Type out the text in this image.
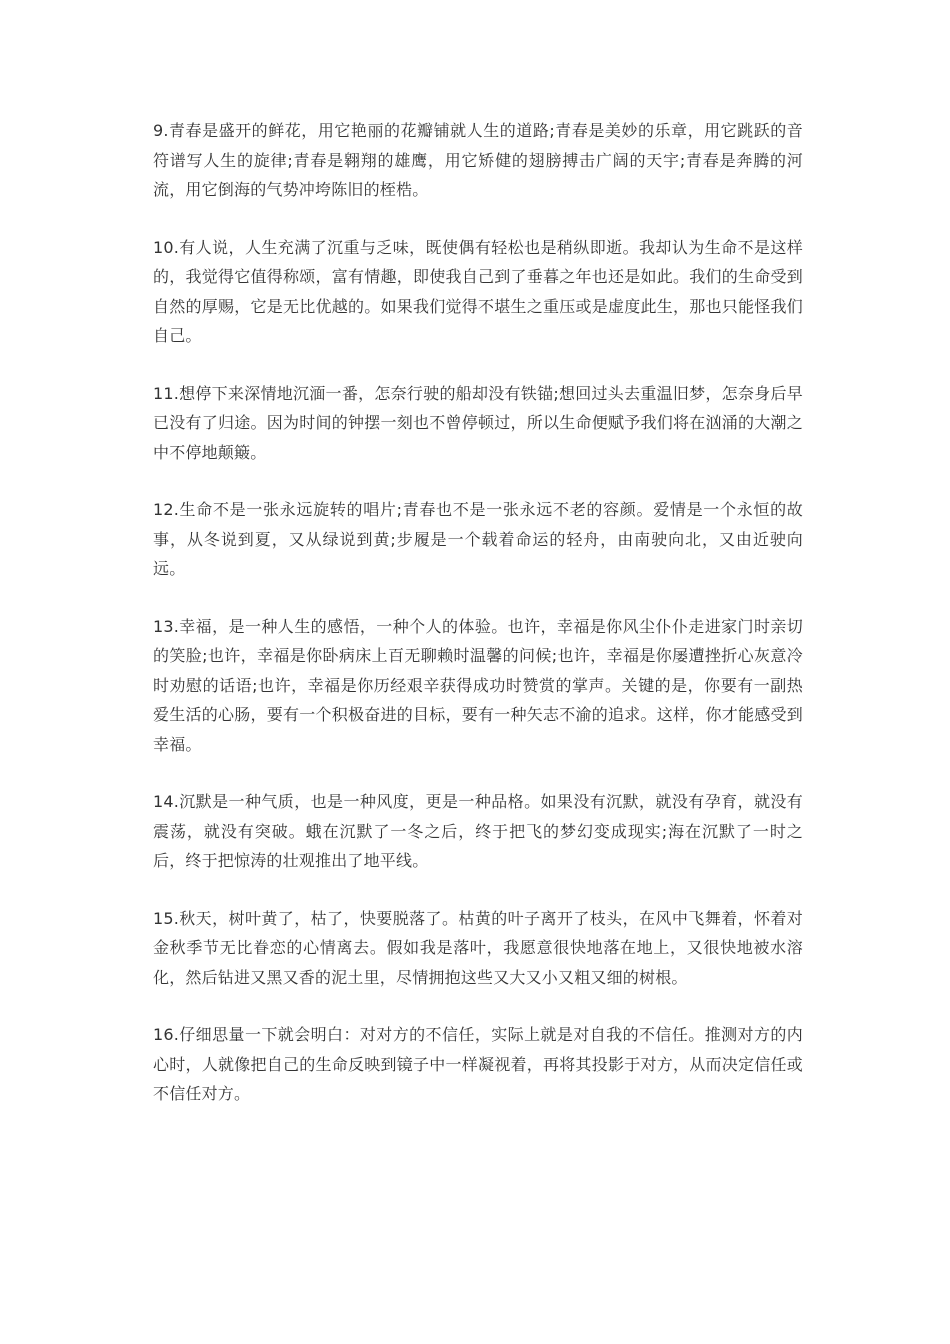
9.青春是盛开的鲜花，用它艳丽的花瓣铺就人生的道路;青春是美妙的乐章，用它跳跃的音符谱写人生的旋律;青春是翱翔的雄鹰，用它矫健的翅膀搏击广阔的天宇;青春是奔腾的河流，用它倒海的气势冲垮陈旧的桎梏。

10.有人说，人生充满了沉重与乏味，既使偶有轻松也是稍纵即逝。我却认为生命不是这样的，我觉得它值得称颂，富有情趣，即使我自己到了垂暮之年也还是如此。我们的生命受到自然的厚赐，它是无比优越的。如果我们觉得不堪生之重压或是虚度此生，那也只能怪我们自己。

11.想停下来深情地沉湎一番，怎奈行驶的船却没有铁锚;想回过头去重温旧梦，怎奈身后早已没有了归途。因为时间的钟摆一刻也不曾停顿过，所以生命便赋予我们将在汹涌的大潮之中不停地颠簸。

12.生命不是一张永远旋转的唱片;青春也不是一张永远不老的容颜。爱情是一个永恒的故事，从冬说到夏，又从绿说到黄;步履是一个载着命运的轻舟，由南驶向北，又由近驶向远。

13.幸福，是一种人生的感悟，一种个人的体验。也许，幸福是你风尘仆仆走进家门时亲切的笑脸;也许，幸福是你卧病床上百无聊赖时温馨的问候;也许，幸福是你屡遭挫折心灰意冷时劝慰的话语;也许，幸福是你历经艰辛获得成功时赞赏的掌声。关键的是，你要有一副热爱生活的心肠，要有一个积极奋进的目标，要有一种矢志不渝的追求。这样，你才能感受到幸福。

14.沉默是一种气质，也是一种风度，更是一种品格。如果没有沉默，就没有孕育，就没有震荡，就没有突破。蛾在沉默了一冬之后，终于把飞的梦幻变成现实;海在沉默了一时之后，终于把惊涛的壮观推出了地平线。

15.秋天，树叶黄了，枯了，快要脱落了。枯黄的叶子离开了枝头，在风中飞舞着，怀着对金秋季节无比眷恋的心情离去。假如我是落叶，我愿意很快地落在地上，又很快地被水溶化，然后钻进又黑又香的泥土里，尽情拥抱这些又大又小又粗又细的树根。

16.仔细思量一下就会明白：对对方的不信任，实际上就是对自我的不信任。推测对方的内心时，人就像把自己的生命反映到镜子中一样凝视着，再将其投影于对方，从而决定信任或不信任对方。
